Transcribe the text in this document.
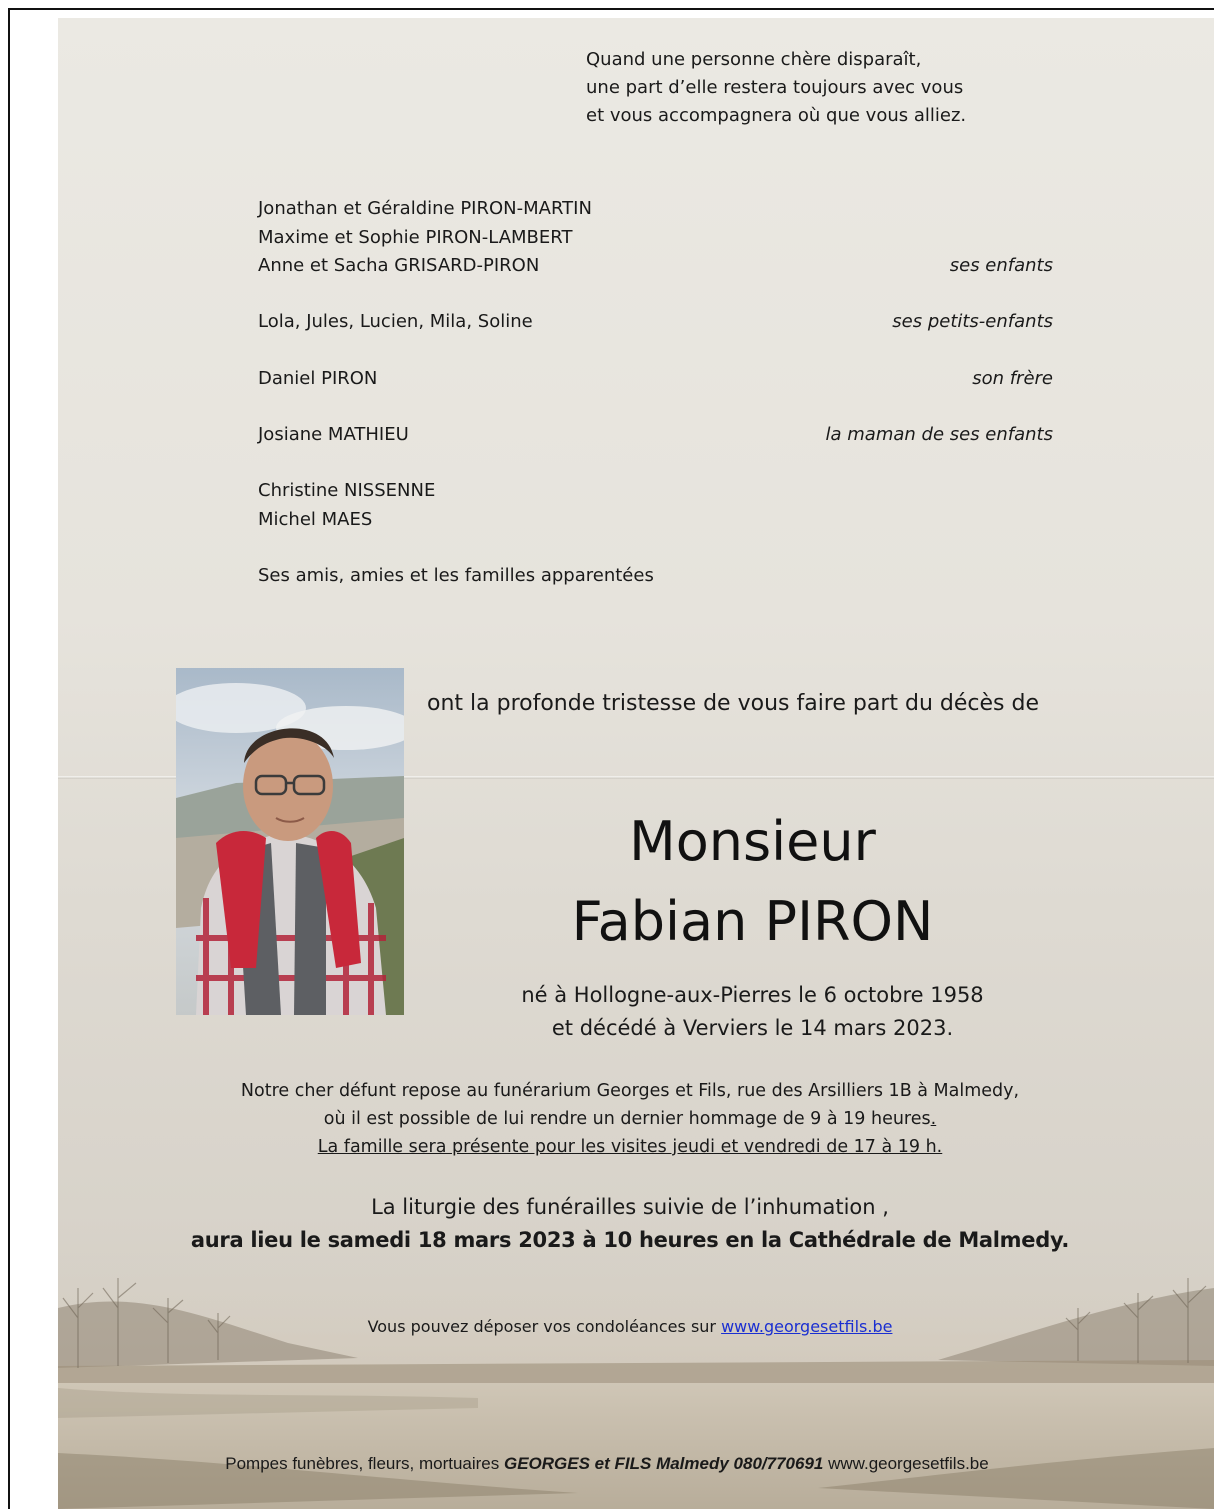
Quand une personne chère disparaît,
une part d’elle restera toujours avec vous
et vous accompagnera où que vous alliez.
Jonathan et Géraldine PIRON-MARTIN
Maxime et Sophie PIRON-LAMBERT
Anne et Sacha GRISARD-PIRON	ses enfants
Lola, Jules, Lucien, Mila, Soline	ses petits-enfants
Daniel PIRON	son frère
Josiane MATHIEU	la maman de ses enfants
Christine NISSENNE
Michel MAES
Ses amis, amies et les familles apparentées
ont la profonde tristesse de vous faire part du décès de
Monsieur
Fabian PIRON
né à Hollogne-aux-Pierres le 6 octobre 1958
et décédé à Verviers le 14 mars 2023.
Notre cher défunt repose au funérarium Georges et Fils, rue des Arsilliers 1B à Malmedy,
où il est possible de lui rendre un dernier hommage de 9 à 19 heures.
La famille sera présente pour les visites jeudi et vendredi de 17 à 19 h.
La liturgie des funérailles suivie de l’inhumation ,
aura lieu le samedi 18 mars 2023 à 10 heures en la Cathédrale de Malmedy.
Vous pouvez déposer vos condoléances sur www.georgesetfils.be
Pompes funèbres, fleurs, mortuaires GEORGES et FILS Malmedy 080/770691 www.georgesetfils.be
